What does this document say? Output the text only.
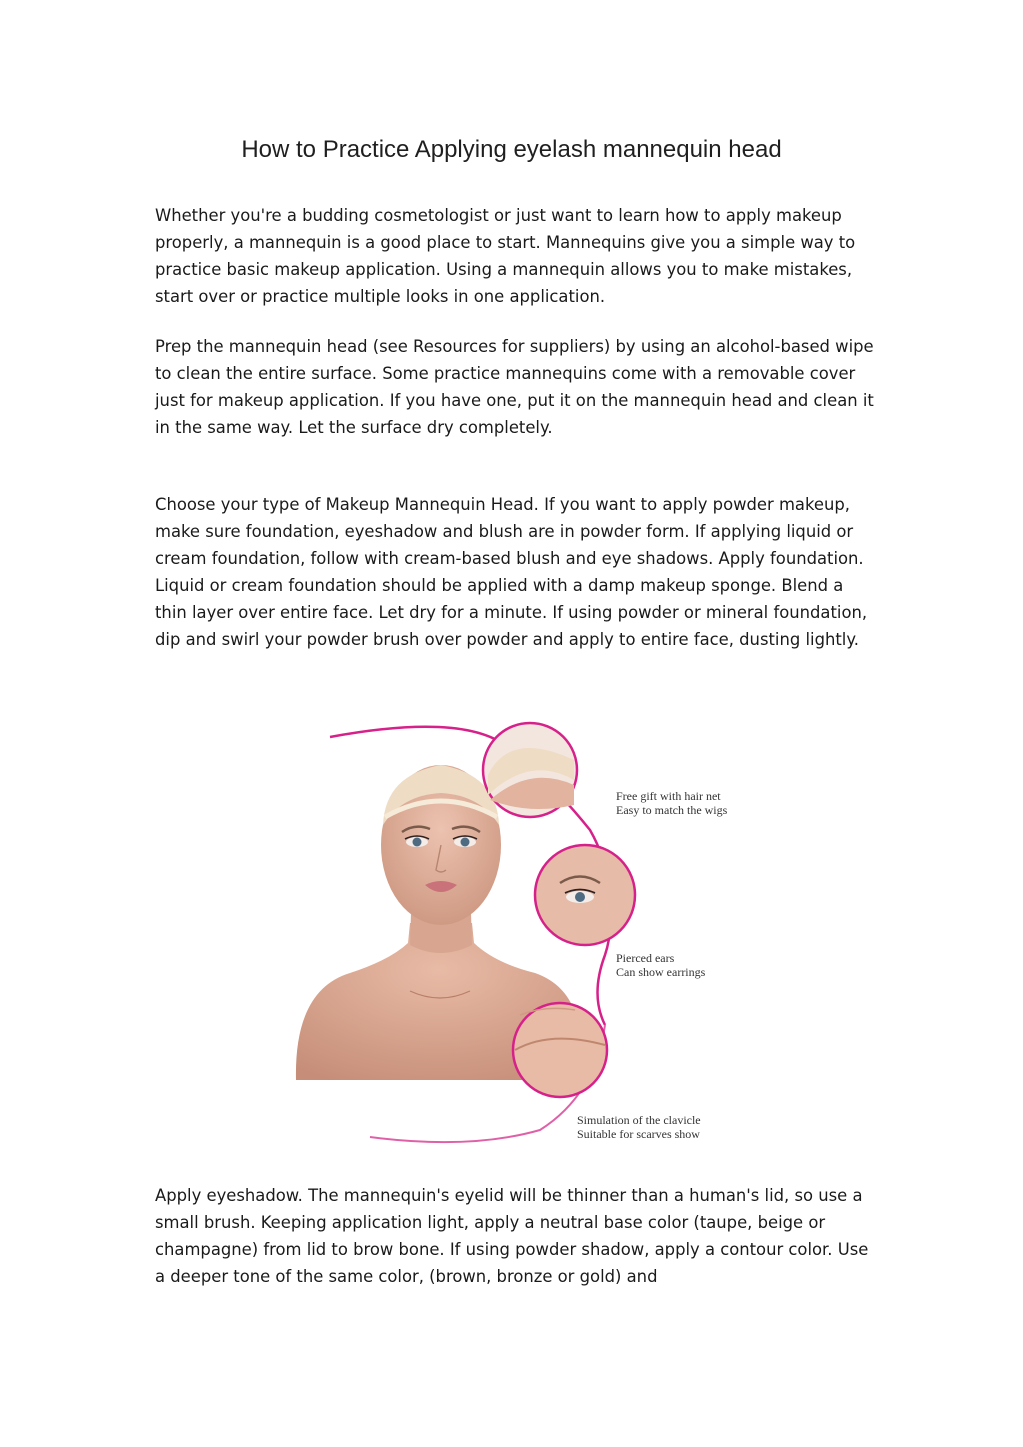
How to Practice Applying eyelash mannequin head

Whether you're a budding cosmetologist or just want to learn how to apply makeup properly, a mannequin is a good place to start. Mannequins give you a simple way to practice basic makeup application. Using a mannequin allows you to make mistakes, start over or practice multiple looks in one application.

Prep the mannequin head (see Resources for suppliers) by using an alcohol-based wipe to clean the entire surface. Some practice mannequins come with a removable cover just for makeup application. If you have one, put it on the mannequin head and clean it in the same way. Let the surface dry completely.

Choose your type of Makeup Mannequin Head. If you want to apply powder makeup, make sure foundation, eyeshadow and blush are in powder form. If applying liquid or cream foundation, follow with cream-based blush and eye shadows. Apply foundation. Liquid or cream foundation should be applied with a damp makeup sponge. Blend a thin layer over entire face. Let dry for a minute. If using powder or mineral foundation, dip and swirl your powder brush over powder and apply to entire face, dusting lightly.

Free gift with hair net
Easy to match the wigs
Pierced ears
Can show earrings
Simulation of the clavicle
Suitable for scarves show

Apply eyeshadow. The mannequin's eyelid will be thinner than a human's lid, so use a small brush. Keeping application light, apply a neutral base color (taupe, beige or champagne) from lid to brow bone. If using powder shadow, apply a contour color. Use a deeper tone of the same color, (brown, bronze or gold) and
